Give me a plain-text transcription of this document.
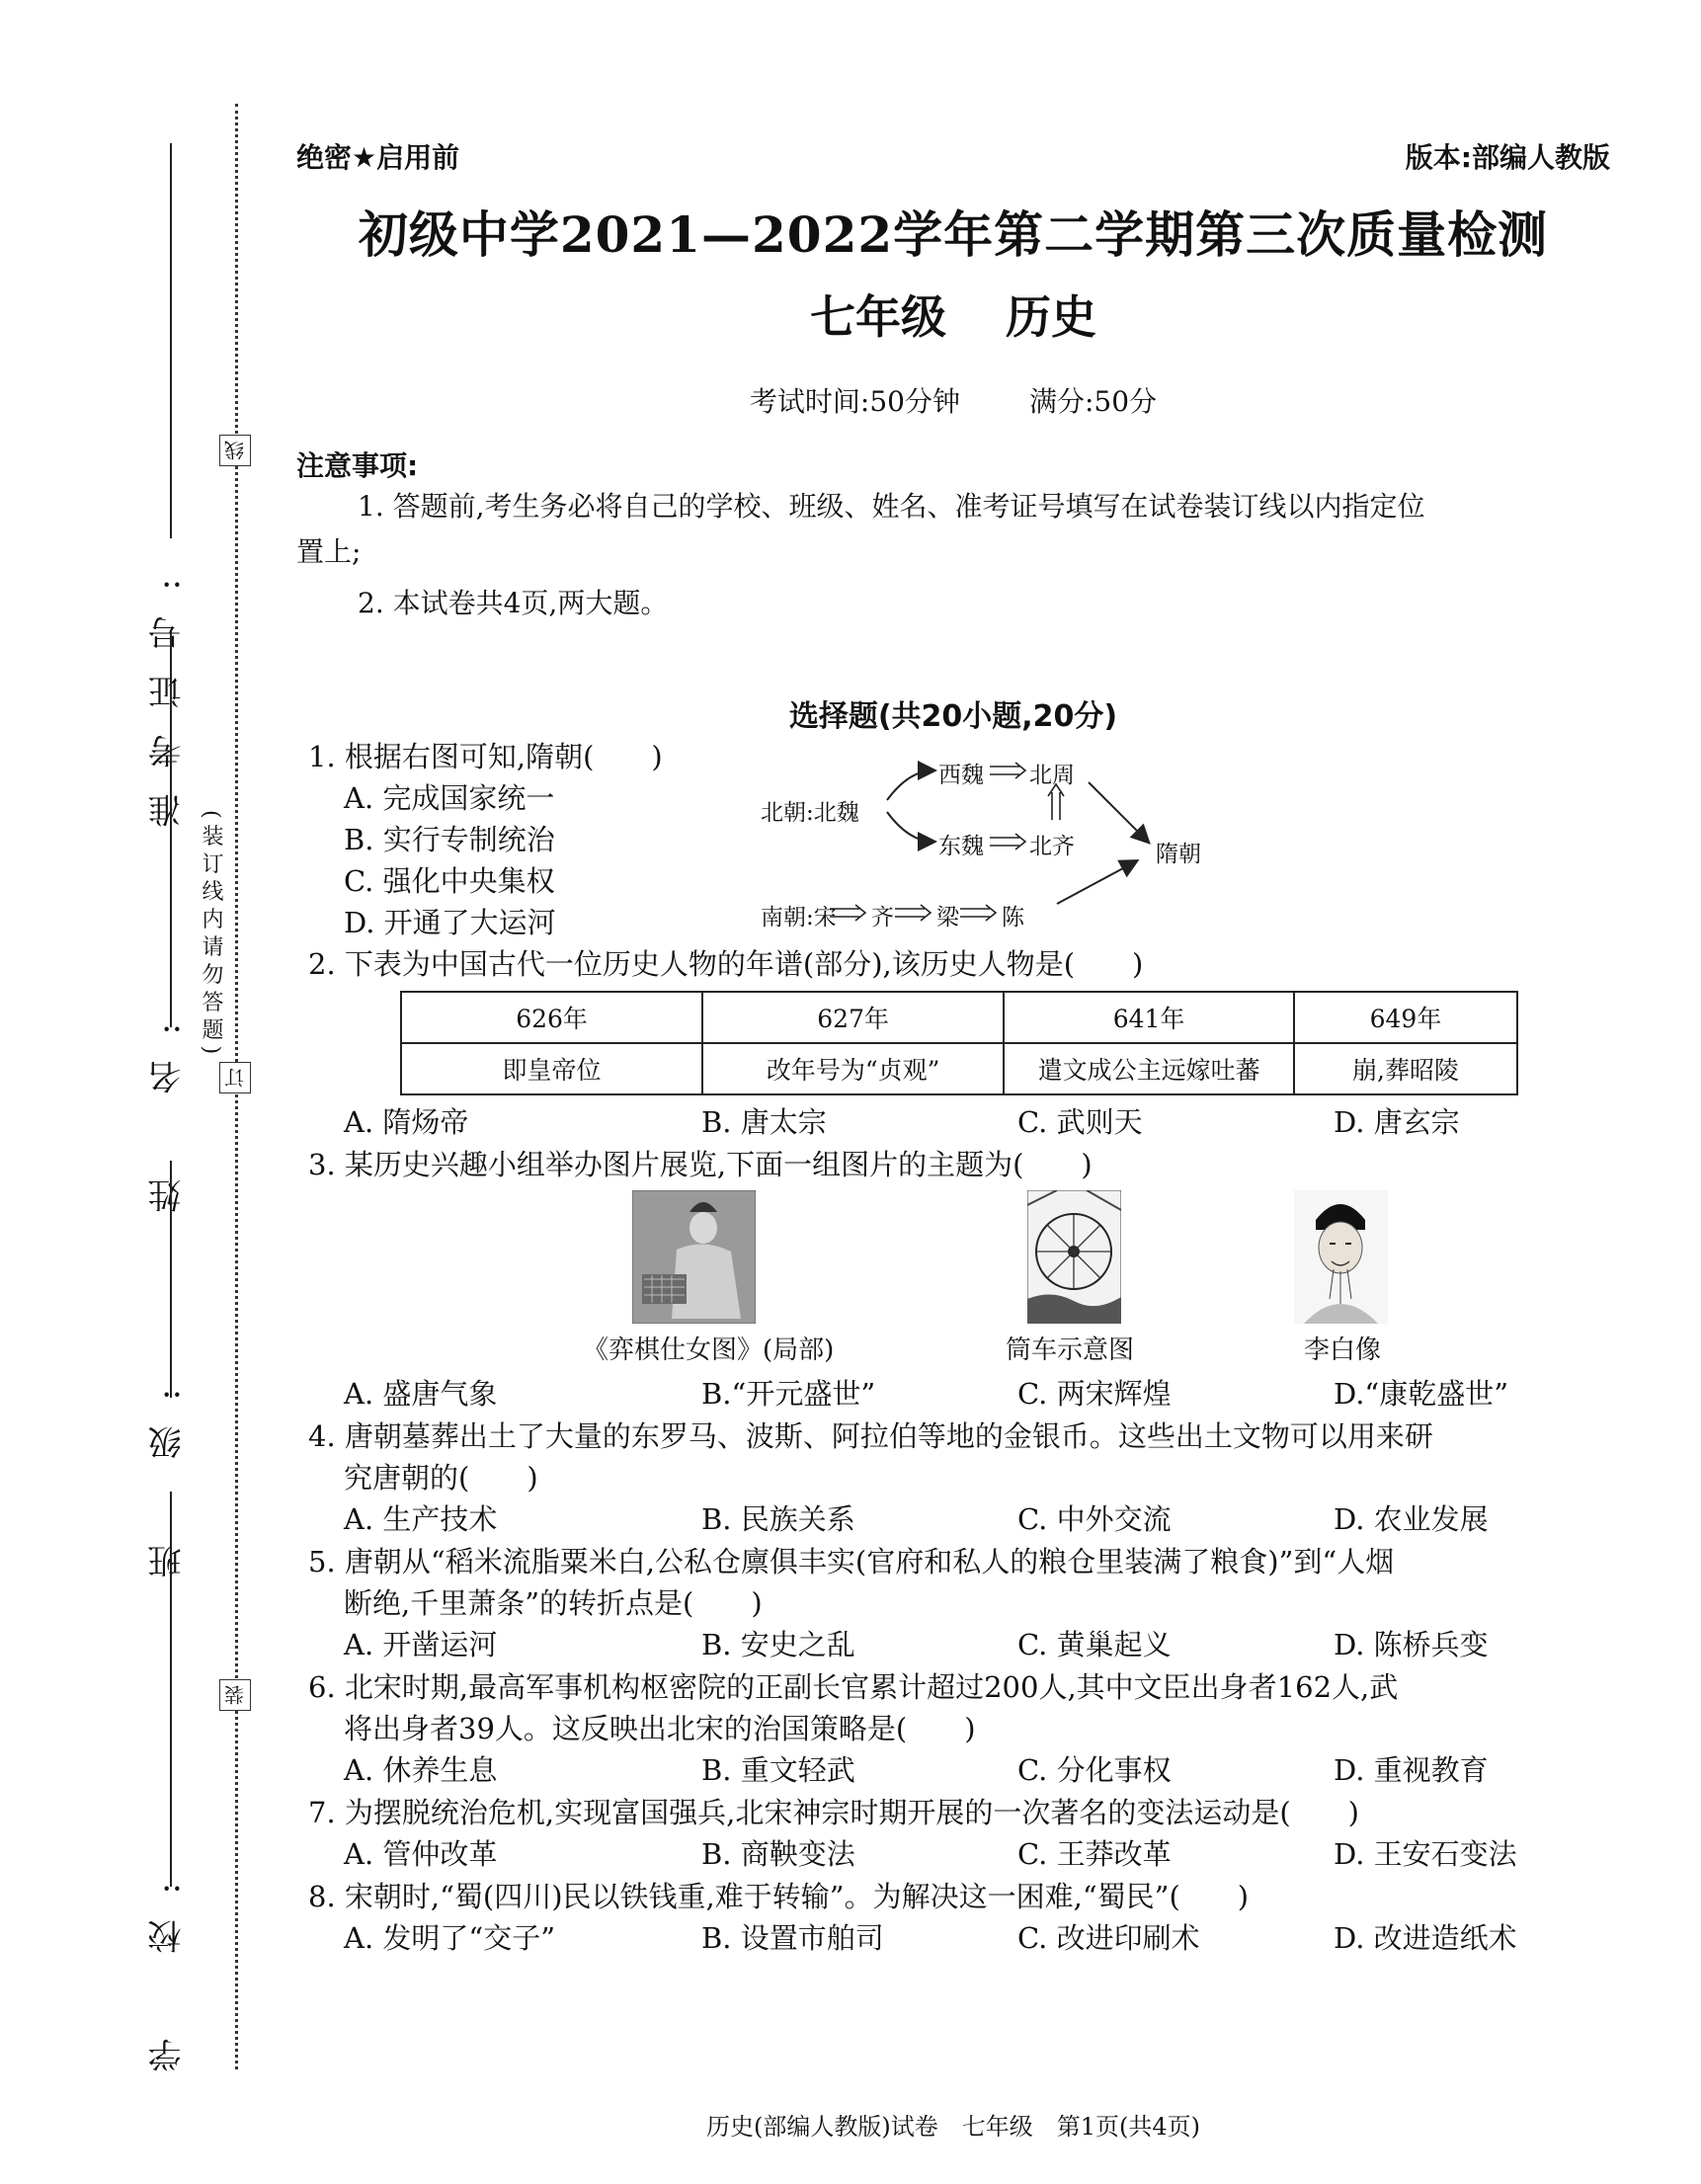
准考证号:
姓　名:
班　级:
学　校:
线
订
装
(装订线内请勿答题)
绝密★启用前	版本:部编人教版
初级中学2021—2022学年第二学期第三次质量检测
七年级 历史
考试时间:50分钟	满分:50分
注意事项:
1. 答题前,考生务必将自己的学校、班级、姓名、准考证号填写在试卷装订线以内指定位
置上;
2. 本试卷共4页,两大题。
选择题(共20小题,20分)
1. 根据右图可知,隋朝(　　)
A. 完成国家统一
B. 实行专制统治
C. 强化中央集权
D. 开通了大运河
北朝:北魏
西魏 北周
东魏 北齐	隋朝
南朝:宋 齐 梁 陈
2. 下表为中国古代一位历史人物的年谱(部分),该历史人物是(　　)
626年	627年	641年	649年
即皇帝位	改年号为“贞观”	遣文成公主远嫁吐蕃	崩,葬昭陵
A. 隋炀帝	B. 唐太宗	C. 武则天	D. 唐玄宗
3. 某历史兴趣小组举办图片展览,下面一组图片的主题为(　　)
《弈棋仕女图》(局部)	筒车示意图	李白像
A. 盛唐气象	B.“开元盛世”	C. 两宋辉煌	D.“康乾盛世”
4. 唐朝墓葬出土了大量的东罗马、波斯、阿拉伯等地的金银币。这些出土文物可以用来研
究唐朝的(　　)
A. 生产技术	B. 民族关系	C. 中外交流	D. 农业发展
5. 唐朝从“稻米流脂粟米白,公私仓廪俱丰实(官府和私人的粮仓里装满了粮食)”到“人烟
断绝,千里萧条”的转折点是(　　)
A. 开凿运河	B. 安史之乱	C. 黄巢起义	D. 陈桥兵变
6. 北宋时期,最高军事机构枢密院的正副长官累计超过200人,其中文臣出身者162人,武
将出身者39人。这反映出北宋的治国策略是(　　)
A. 休养生息	B. 重文轻武	C. 分化事权	D. 重视教育
7. 为摆脱统治危机,实现富国强兵,北宋神宗时期开展的一次著名的变法运动是(　　)
A. 管仲改革	B. 商鞅变法	C. 王莽改革	D. 王安石变法
8. 宋朝时,“蜀(四川)民以铁钱重,难于转输”。为解决这一困难,“蜀民”(　　)
A. 发明了“交子”	B. 设置市舶司	C. 改进印刷术	D. 改进造纸术
历史(部编人教版)试卷　七年级　第1页(共4页)
